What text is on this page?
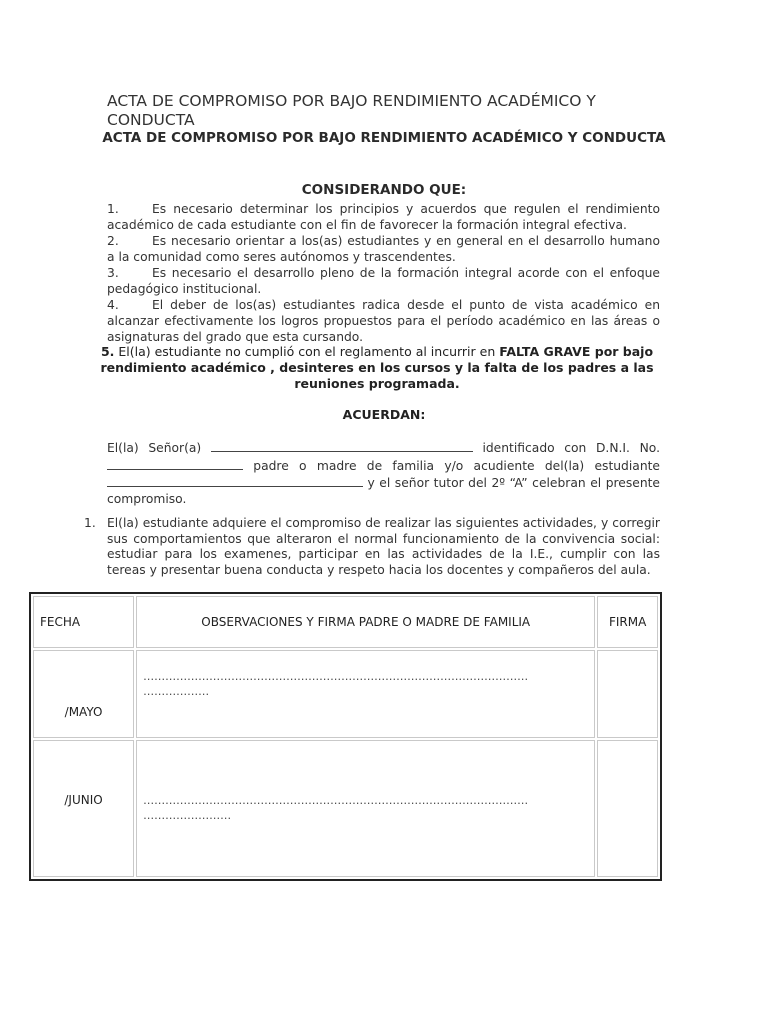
ACTA DE COMPROMISO POR BAJO RENDIMIENTO ACADÉMICO Y CONDUCTA
ACTA DE COMPROMISO POR BAJO RENDIMIENTO ACADÉMICO Y CONDUCTA
CONSIDERANDO QUE:
1.	Es necesario determinar los principios y acuerdos que regulen el rendimiento académico de cada estudiante con el fin de favorecer la formación integral efectiva.
2.	Es necesario orientar a los(as) estudiantes y en general en el desarrollo humano a la comunidad como seres autónomos y trascendentes.
3.	Es necesario el desarrollo pleno de la formación integral acorde con el enfoque pedagógico institucional.
4.	El deber de los(as) estudiantes radica desde el punto de vista académico en alcanzar efectivamente los logros propuestos para el período académico en las áreas o asignaturas del grado que esta cursando.
5. El(la) estudiante no cumplió con el reglamento al incurrir en FALTA GRAVE por bajo rendimiento académico , desinteres en los cursos y la falta de los padres a las reuniones programada.
ACUERDAN:
El(la) Señor(a)	identificado con D.N.I. No.  padre o madre de familia y/o acudiente del(la) estudiante  y el señor tutor del 2º “A” celebran el presente compromiso.
1. El(la) estudiante adquiere el compromiso de realizar las siguientes actividades, y corregir sus comportamientos que alteraron el normal funcionamiento de la convivencia social: estudiar para los examenes, participar en las actividades de la I.E., cumplir con las tereas y presentar buena conducta y respeto hacia los docentes y compañeros del aula.
FECHA	OBSERVACIONES Y FIRMA PADRE O MADRE DE FAMILIA	FIRMA

/MAYO	……………………………………………………………………………………………
………………	

/JUNIO	……………………………………………………………………………………………
……………………	
